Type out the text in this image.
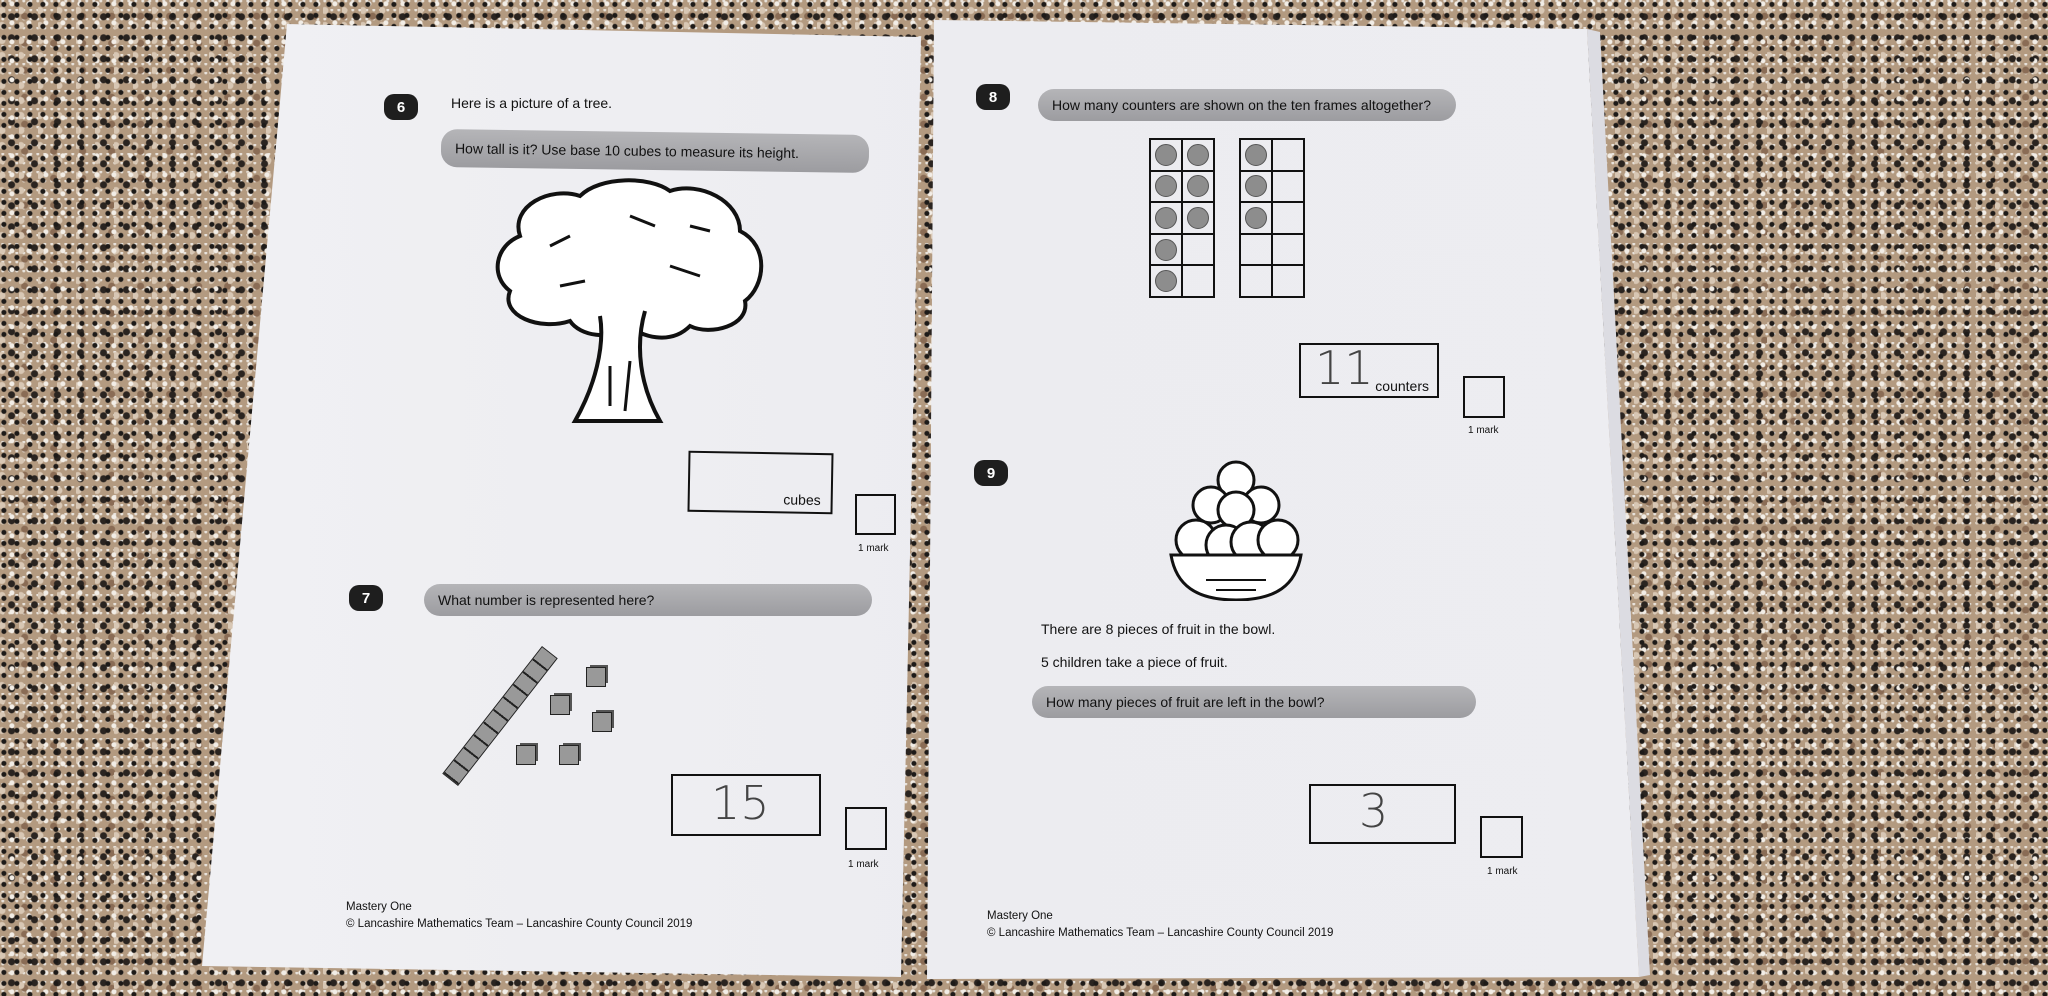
6	Here is a picture of a tree.
How tall is it? Use base 10 cubes to measure its height.
cubes
1 mark
7	What number is represented here?
15
1 mark
Mastery One
© Lancashire Mathematics Team – Lancashire County Council 2019
8	How many counters are shown on the ten frames altogether?
11 counters
1 mark
9
There are 8 pieces of fruit in the bowl.
5 children take a piece of fruit.
How many pieces of fruit are left in the bowl?
3
1 mark
Mastery One
© Lancashire Mathematics Team – Lancashire County Council 2019
